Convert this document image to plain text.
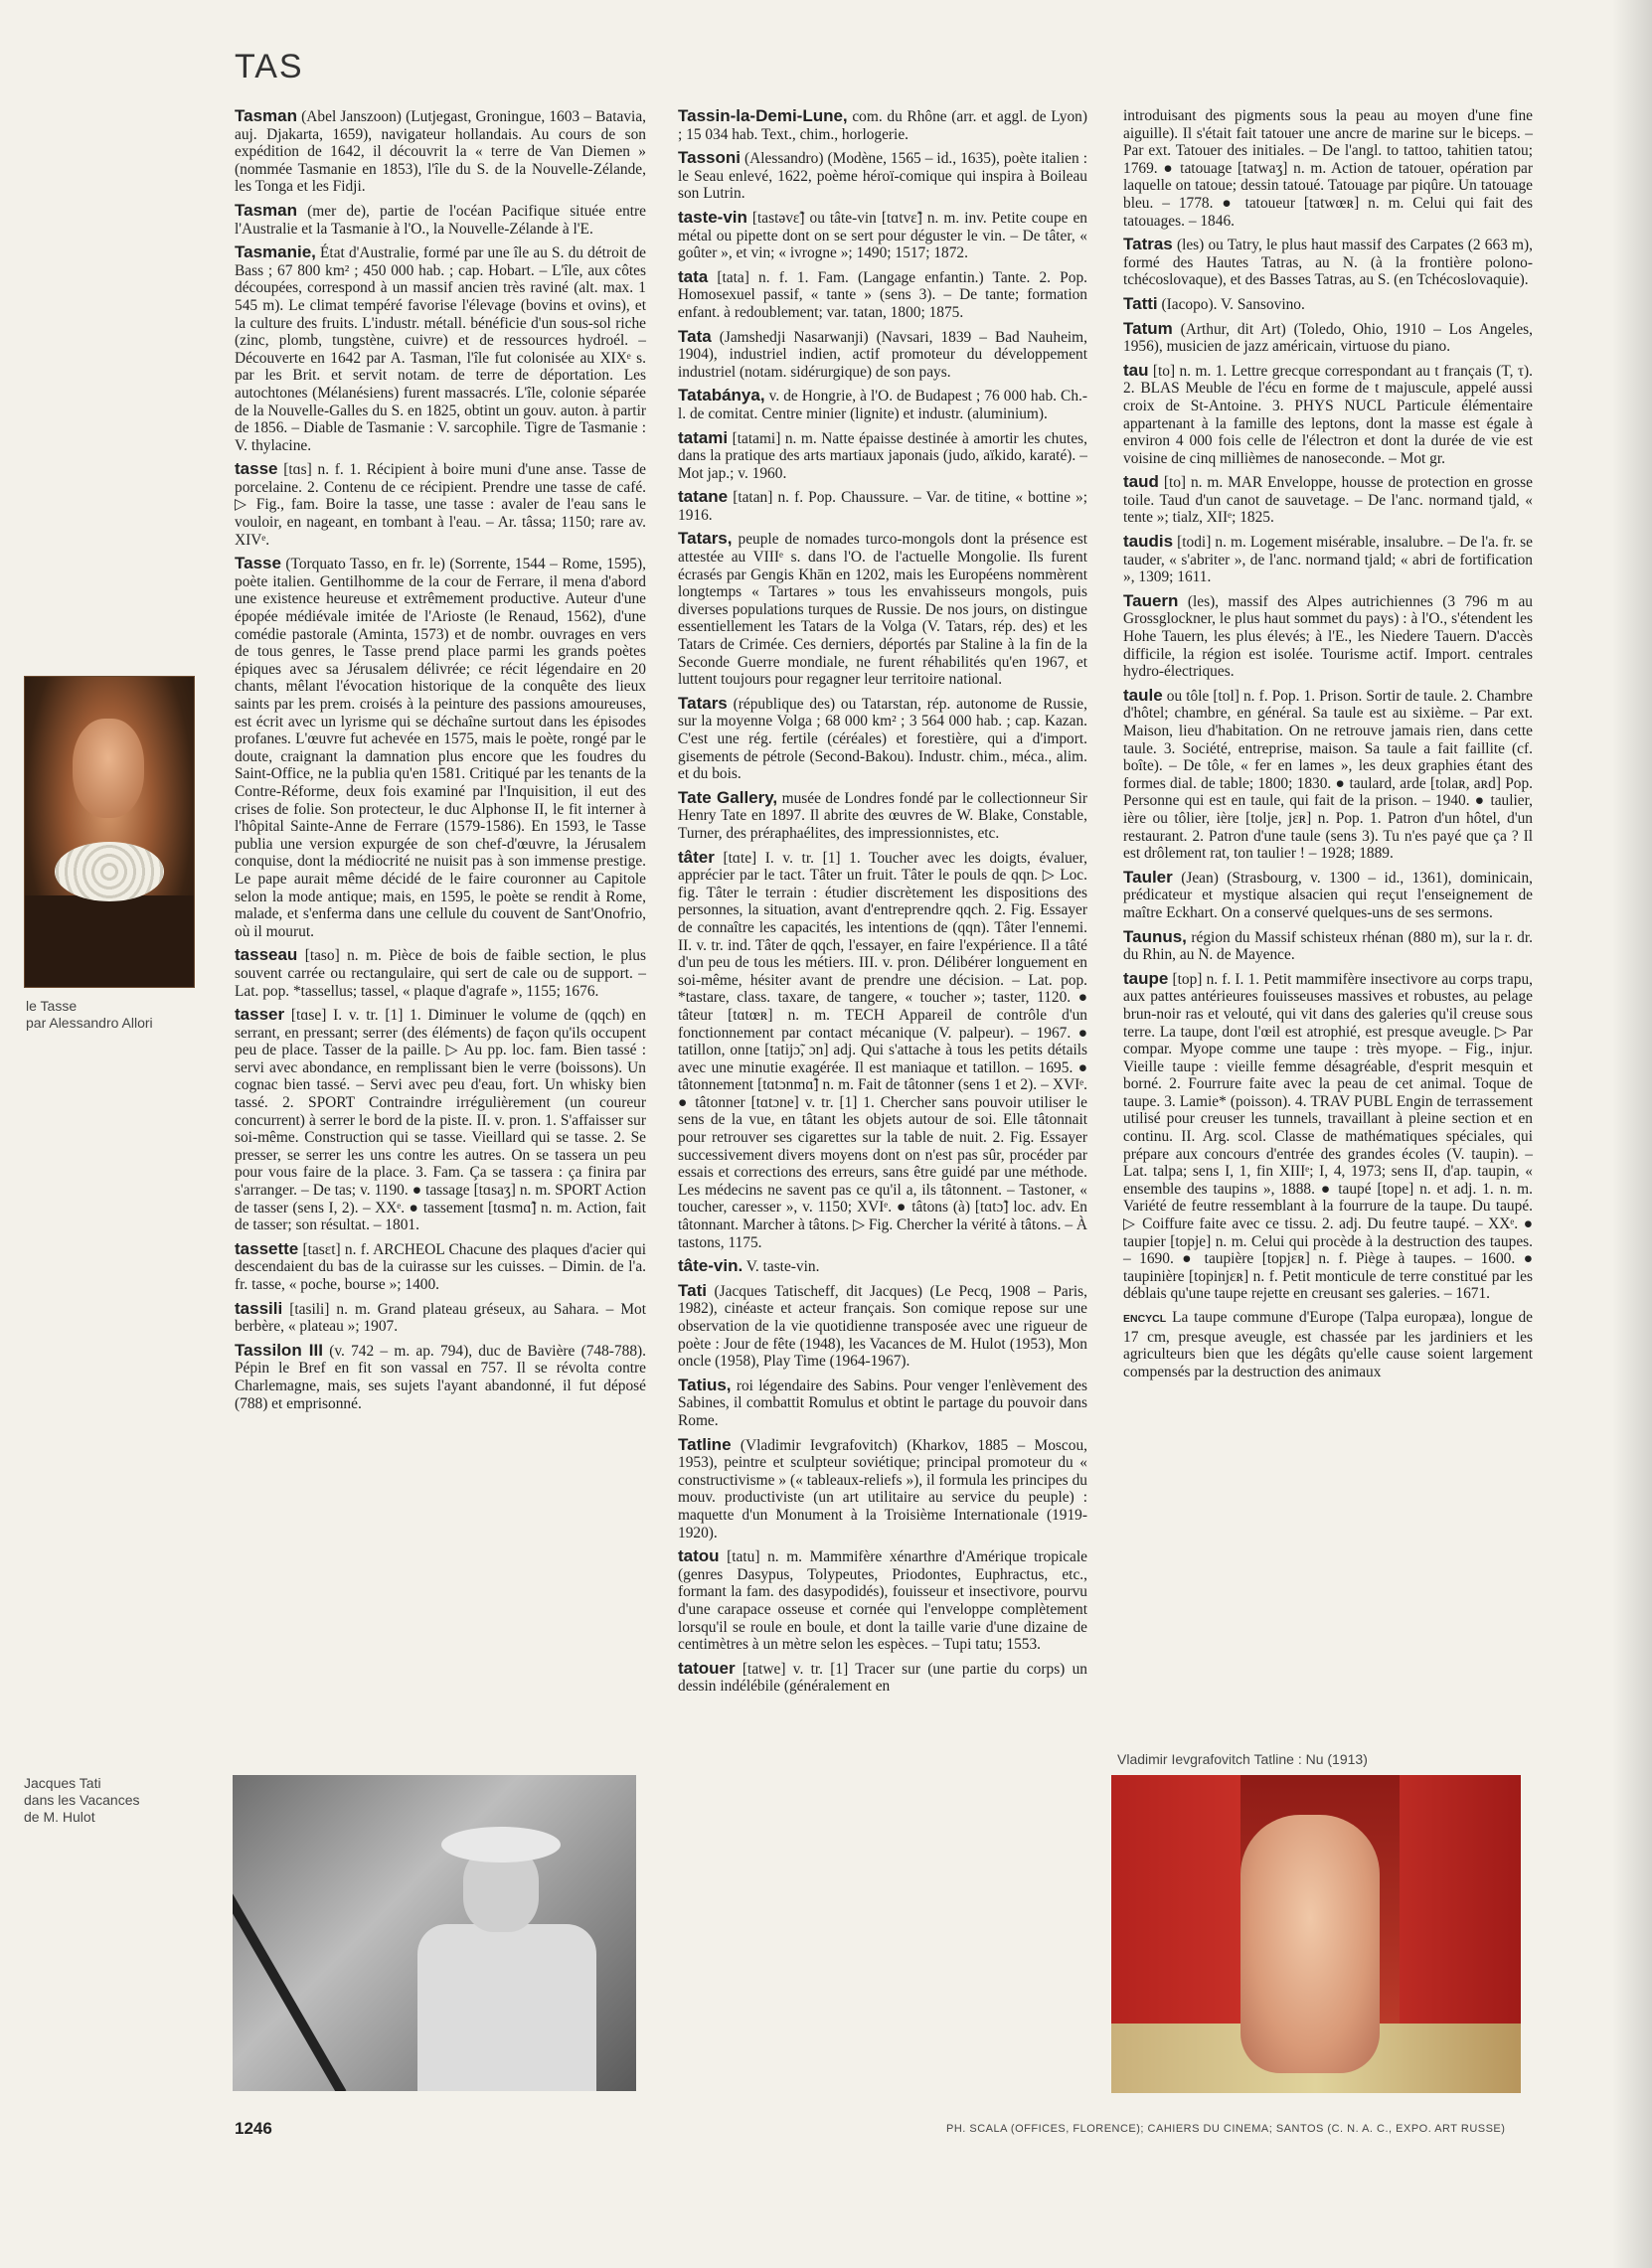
TAS

Tasman (Abel Janszoon) (Lutjegast, Groningue, 1603 – Batavia, auj. Djakarta, 1659), navigateur hollandais. Au cours de son expédition de 1642, il découvrit la « terre de Van Diemen » (nommée Tasmanie en 1853), l'île du S. de la Nouvelle-Zélande, les Tonga et les Fidji.

Tasman (mer de), partie de l'océan Pacifique située entre l'Australie et la Tasmanie à l'O., la Nouvelle-Zélande à l'E.

Tasmanie, État d'Australie, formé par une île au S. du détroit de Bass ; 67 800 km² ; 450 000 hab. ; cap. Hobart. – L'île, aux côtes découpées, correspond à un massif ancien très raviné (alt. max. 1 545 m). Le climat tempéré favorise l'élevage (bovins et ovins), et la culture des fruits. L'industr. métall. bénéficie d'un sous-sol riche (zinc, plomb, tungstène, cuivre) et de ressources hydroél. – Découverte en 1642 par A. Tasman, l'île fut colonisée au XIXᵉ s. par les Brit. et servit notam. de terre de déportation. Les autochtones (Mélanésiens) furent massacrés. L'île, colonie séparée de la Nouvelle-Galles du S. en 1825, obtint un gouv. auton. à partir de 1856. – Diable de Tasmanie : V. sarcophile. Tigre de Tasmanie : V. thylacine.

tasse [tɑs] n. f. 1. Récipient à boire muni d'une anse. Tasse de porcelaine. 2. Contenu de ce récipient. Prendre une tasse de café. ▷ Fig., fam. Boire la tasse, une tasse : avaler de l'eau sans le vouloir, en nageant, en tombant à l'eau. – Ar. tâssa; 1150; rare av. XIVᵉ.

Tasse (Torquato Tasso, en fr. le) (Sorrente, 1544 – Rome, 1595), poète italien. Gentilhomme de la cour de Ferrare, il mena d'abord une existence heureuse et extrêmement productive. Auteur d'une épopée médiévale imitée de l'Arioste (le Renaud, 1562), d'une comédie pastorale (Aminta, 1573) et de nombr. ouvrages en vers de tous genres, le Tasse prend place parmi les grands poètes épiques avec sa Jérusalem délivrée; ce récit légendaire en 20 chants, mêlant l'évocation historique de la conquête des lieux saints par les prem. croisés à la peinture des passions amoureuses, est écrit avec un lyrisme qui se déchaîne surtout dans les épisodes profanes. L'œuvre fut achevée en 1575, mais le poète, rongé par le doute, craignant la damnation plus encore que les foudres du Saint-Office, ne la publia qu'en 1581. Critiqué par les tenants de la Contre-Réforme, deux fois examiné par l'Inquisition, il eut des crises de folie. Son protecteur, le duc Alphonse II, le fit interner à l'hôpital Sainte-Anne de Ferrare (1579-1586). En 1593, le Tasse publia une version expurgée de son chef-d'œuvre, la Jérusalem conquise, dont la médiocrité ne nuisit pas à son immense prestige. Le pape aurait même décidé de le faire couronner au Capitole selon la mode antique; mais, en 1595, le poète se rendit à Rome, malade, et s'enferma dans une cellule du couvent de Sant'Onofrio, où il mourut.

tasseau [taso] n. m. Pièce de bois de faible section, le plus souvent carrée ou rectangulaire, qui sert de cale ou de support. – Lat. pop. *tassellus; tassel, « plaque d'agrafe », 1155; 1676.

tasser [tɑse] I. v. tr. [1] 1. Diminuer le volume de (qqch) en serrant, en pressant; serrer (des éléments) de façon qu'ils occupent peu de place. Tasser de la paille. ▷ Au pp. loc. fam. Bien tassé : servi avec abondance, en remplissant bien le verre (boissons). Un cognac bien tassé. – Servi avec peu d'eau, fort. Un whisky bien tassé. 2. SPORT Contraindre irrégulièrement (un coureur concurrent) à serrer le bord de la piste. II. v. pron. 1. S'affaisser sur soi-même. Construction qui se tasse. Vieillard qui se tasse. 2. Se presser, se serrer les uns contre les autres. On se tassera un peu pour vous faire de la place. 3. Fam. Ça se tassera : ça finira par s'arranger. – De tas; v. 1190. ● tassage [tɑsaʒ] n. m. SPORT Action de tasser (sens I, 2). – XXᵉ. ● tassement [tɑsmɑ̃] n. m. Action, fait de tasser; son résultat. – 1801.

tassette [tasɛt] n. f. ARCHEOL Chacune des plaques d'acier qui descendaient du bas de la cuirasse sur les cuisses. – Dimin. de l'a. fr. tasse, « poche, bourse »; 1400.

tassili [tasili] n. m. Grand plateau gréseux, au Sahara. – Mot berbère, « plateau »; 1907.

Tassilon III (v. 742 – m. ap. 794), duc de Bavière (748-788). Pépin le Bref en fit son vassal en 757. Il se révolta contre Charlemagne, mais, ses sujets l'ayant abandonné, il fut déposé (788) et emprisonné.

Tassin-la-Demi-Lune, com. du Rhône (arr. et aggl. de Lyon) ; 15 034 hab. Text., chim., horlogerie.

Tassoni (Alessandro) (Modène, 1565 – id., 1635), poète italien : le Seau enlevé, 1622, poème héroï-comique qui inspira à Boileau son Lutrin.

taste-vin [tastəvɛ̃] ou tâte-vin [tɑtvɛ̃] n. m. inv. Petite coupe en métal ou pipette dont on se sert pour déguster le vin. – De tâter, « goûter », et vin; « ivrogne »; 1490; 1517; 1872.

tata [tata] n. f. 1. Fam. (Langage enfantin.) Tante. 2. Pop. Homosexuel passif, « tante » (sens 3). – De tante; formation enfant. à redoublement; var. tatan, 1800; 1875.

Tata (Jamshedji Nasarwanji) (Navsari, 1839 – Bad Nauheim, 1904), industriel indien, actif promoteur du développement industriel (notam. sidérurgique) de son pays.

Tatabánya, v. de Hongrie, à l'O. de Budapest ; 76 000 hab. Ch.-l. de comitat. Centre minier (lignite) et industr. (aluminium).

tatami [tatami] n. m. Natte épaisse destinée à amortir les chutes, dans la pratique des arts martiaux japonais (judo, aïkido, karaté). – Mot jap.; v. 1960.

tatane [tatan] n. f. Pop. Chaussure. – Var. de titine, « bottine »; 1916.

Tatars, peuple de nomades turco-mongols dont la présence est attestée au VIIIᵉ s. dans l'O. de l'actuelle Mongolie. Ils furent écrasés par Gengis Khān en 1202, mais les Européens nommèrent longtemps « Tartares » tous les envahisseurs mongols, puis diverses populations turques de Russie. De nos jours, on distingue essentiellement les Tatars de la Volga (V. Tatars, rép. des) et les Tatars de Crimée. Ces derniers, déportés par Staline à la fin de la Seconde Guerre mondiale, ne furent réhabilités qu'en 1967, et luttent toujours pour regagner leur territoire national.

Tatars (république des) ou Tatarstan, rép. autonome de Russie, sur la moyenne Volga ; 68 000 km² ; 3 564 000 hab. ; cap. Kazan. C'est une rég. fertile (céréales) et forestière, qui a d'import. gisements de pétrole (Second-Bakou). Industr. chim., méca., alim. et du bois.

Tate Gallery, musée de Londres fondé par le collectionneur Sir Henry Tate en 1897. Il abrite des œuvres de W. Blake, Constable, Turner, des préraphaélites, des impressionnistes, etc.

tâter [tɑte] I. v. tr. [1] 1. Toucher avec les doigts, évaluer, apprécier par le tact. Tâter un fruit. Tâter le pouls de qqn. ▷ Loc. fig. Tâter le terrain : étudier discrètement les dispositions des personnes, la situation, avant d'entreprendre qqch. 2. Fig. Essayer de connaître les capacités, les intentions de (qqn). Tâter l'ennemi. II. v. tr. ind. Tâter de qqch, l'essayer, en faire l'expérience. Il a tâté d'un peu de tous les métiers. III. v. pron. Délibérer longuement en soi-même, hésiter avant de prendre une décision. – Lat. pop. *tastare, class. taxare, de tangere, « toucher »; taster, 1120. ● tâteur [tɑtœʀ] n. m. TECH Appareil de contrôle d'un fonctionnement par contact mécanique (V. palpeur). – 1967. ● tatillon, onne [tatijɔ̃, ɔn] adj. Qui s'attache à tous les petits détails avec une minutie exagérée. Il est maniaque et tatillon. – 1695. ● tâtonnement [tɑtɔnmɑ̃] n. m. Fait de tâtonner (sens 1 et 2). – XVIᵉ. ● tâtonner [tɑtɔne] v. tr. [1] 1. Chercher sans pouvoir utiliser le sens de la vue, en tâtant les objets autour de soi. Elle tâtonnait pour retrouver ses cigarettes sur la table de nuit. 2. Fig. Essayer successivement divers moyens dont on n'est pas sûr, procéder par essais et corrections des erreurs, sans être guidé par une méthode. Les médecins ne savent pas ce qu'il a, ils tâtonnent. – Tastoner, « toucher, caresser », v. 1150; XVIᵉ. ● tâtons (à) [tɑtɔ̃] loc. adv. En tâtonnant. Marcher à tâtons. ▷ Fig. Chercher la vérité à tâtons. – À tastons, 1175.

tâte-vin. V. taste-vin.

Tati (Jacques Tatischeff, dit Jacques) (Le Pecq, 1908 – Paris, 1982), cinéaste et acteur français. Son comique repose sur une observation de la vie quotidienne transposée avec une rigueur de poète : Jour de fête (1948), les Vacances de M. Hulot (1953), Mon oncle (1958), Play Time (1964-1967).

Tatius, roi légendaire des Sabins. Pour venger l'enlèvement des Sabines, il combattit Romulus et obtint le partage du pouvoir dans Rome.

Tatline (Vladimir Ievgrafovitch) (Kharkov, 1885 – Moscou, 1953), peintre et sculpteur soviétique; principal promoteur du « constructivisme » (« tableaux-reliefs »), il formula les principes du mouv. productiviste (un art utilitaire au service du peuple) : maquette d'un Monument à la Troisième Internationale (1919-1920).

tatou [tatu] n. m. Mammifère xénarthre d'Amérique tropicale (genres Dasypus, Tolypeutes, Priodontes, Euphractus, etc., formant la fam. des dasypodidés), fouisseur et insectivore, pourvu d'une carapace osseuse et cornée qui l'enveloppe complètement lorsqu'il se roule en boule, et dont la taille varie d'une dizaine de centimètres à un mètre selon les espèces. – Tupi tatu; 1553.

tatouer [tatwe] v. tr. [1] Tracer sur (une partie du corps) un dessin indélébile (généralement en

introduisant des pigments sous la peau au moyen d'une fine aiguille). Il s'était fait tatouer une ancre de marine sur le biceps. – Par ext. Tatouer des initiales. – De l'angl. to tattoo, tahitien tatou; 1769. ● tatouage [tatwaʒ] n. m. Action de tatouer, opération par laquelle on tatoue; dessin tatoué. Tatouage par piqûre. Un tatouage bleu. – 1778. ● tatoueur [tatwœʀ] n. m. Celui qui fait des tatouages. – 1846.

Tatras (les) ou Tatry, le plus haut massif des Carpates (2 663 m), formé des Hautes Tatras, au N. (à la frontière polono-tchécoslovaque), et des Basses Tatras, au S. (en Tchécoslovaquie).

Tatti (Iacopo). V. Sansovino.

Tatum (Arthur, dit Art) (Toledo, Ohio, 1910 – Los Angeles, 1956), musicien de jazz américain, virtuose du piano.

tau [to] n. m. 1. Lettre grecque correspondant au t français (T, τ). 2. BLAS Meuble de l'écu en forme de t majuscule, appelé aussi croix de St-Antoine. 3. PHYS NUCL Particule élémentaire appartenant à la famille des leptons, dont la masse est égale à environ 4 000 fois celle de l'électron et dont la durée de vie est voisine de cinq millièmes de nanoseconde. – Mot gr.

taud [to] n. m. MAR Enveloppe, housse de protection en grosse toile. Taud d'un canot de sauvetage. – De l'anc. normand tjald, « tente »; tialz, XIIᵉ; 1825.

taudis [todi] n. m. Logement misérable, insalubre. – De l'a. fr. se tauder, « s'abriter », de l'anc. normand tjald; « abri de fortification », 1309; 1611.

Tauern (les), massif des Alpes autrichiennes (3 796 m au Grossglockner, le plus haut sommet du pays) : à l'O., s'étendent les Hohe Tauern, les plus élevés; à l'E., les Niedere Tauern. D'accès difficile, la région est isolée. Tourisme actif. Import. centrales hydro-électriques.

taule ou tôle [tol] n. f. Pop. 1. Prison. Sortir de taule. 2. Chambre d'hôtel; chambre, en général. Sa taule est au sixième. – Par ext. Maison, lieu d'habitation. On ne retrouve jamais rien, dans cette taule. 3. Société, entreprise, maison. Sa taule a fait faillite (cf. boîte). – De tôle, « fer en lames », les deux graphies étant des formes dial. de table; 1800; 1830. ● taulard, arde [tolaʀ, aʀd] Pop. Personne qui est en taule, qui fait de la prison. – 1940. ● taulier, ière ou tôlier, ière [tolje, jɛʀ] n. Pop. 1. Patron d'un hôtel, d'un restaurant. 2. Patron d'une taule (sens 3). Tu n'es payé que ça ? Il est drôlement rat, ton taulier ! – 1928; 1889.

Tauler (Jean) (Strasbourg, v. 1300 – id., 1361), dominicain, prédicateur et mystique alsacien qui reçut l'enseignement de maître Eckhart. On a conservé quelques-uns de ses sermons.

Taunus, région du Massif schisteux rhénan (880 m), sur la r. dr. du Rhin, au N. de Mayence.

taupe [top] n. f. I. 1. Petit mammifère insectivore au corps trapu, aux pattes antérieures fouisseuses massives et robustes, au pelage brun-noir ras et velouté, qui vit dans des galeries qu'il creuse sous terre. La taupe, dont l'œil est atrophié, est presque aveugle. ▷ Par compar. Myope comme une taupe : très myope. – Fig., injur. Vieille taupe : vieille femme désagréable, d'esprit mesquin et borné. 2. Fourrure faite avec la peau de cet animal. Toque de taupe. 3. Lamie* (poisson). 4. TRAV PUBL Engin de terrassement utilisé pour creuser les tunnels, travaillant à pleine section et en continu. II. Arg. scol. Classe de mathématiques spéciales, qui prépare aux concours d'entrée des grandes écoles (V. taupin). – Lat. talpa; sens I, 1, fin XIIIᵉ; I, 4, 1973; sens II, d'ap. taupin, « ensemble des taupins », 1888. ● taupé [tope] n. et adj. 1. n. m. Variété de feutre ressemblant à la fourrure de la taupe. Du taupé. ▷ Coiffure faite avec ce tissu. 2. adj. Du feutre taupé. – XXᵉ. ● taupier [topje] n. m. Celui qui procède à la destruction des taupes. – 1690. ● taupière [topjɛʀ] n. f. Piège à taupes. – 1600. ● taupinière [topinjɛʀ] n. f. Petit monticule de terre constitué par les déblais qu'une taupe rejette en creusant ses galeries. – 1671.

ENCYCL La taupe commune d'Europe (Talpa europæa), longue de 17 cm, presque aveugle, est chassée par les jardiniers et les agriculteurs bien que les dégâts qu'elle cause soient largement compensés par la destruction des animaux

le Tasse
par Alessandro Allori
Jacques Tati
dans les Vacances
de M. Hulot
Vladimir Ievgrafovitch Tatline : Nu (1913)
1246	PH. SCALA (OFFICES, FLORENCE); CAHIERS DU CINEMA; SANTOS (C. N. A. C., EXPO. ART RUSSE)
